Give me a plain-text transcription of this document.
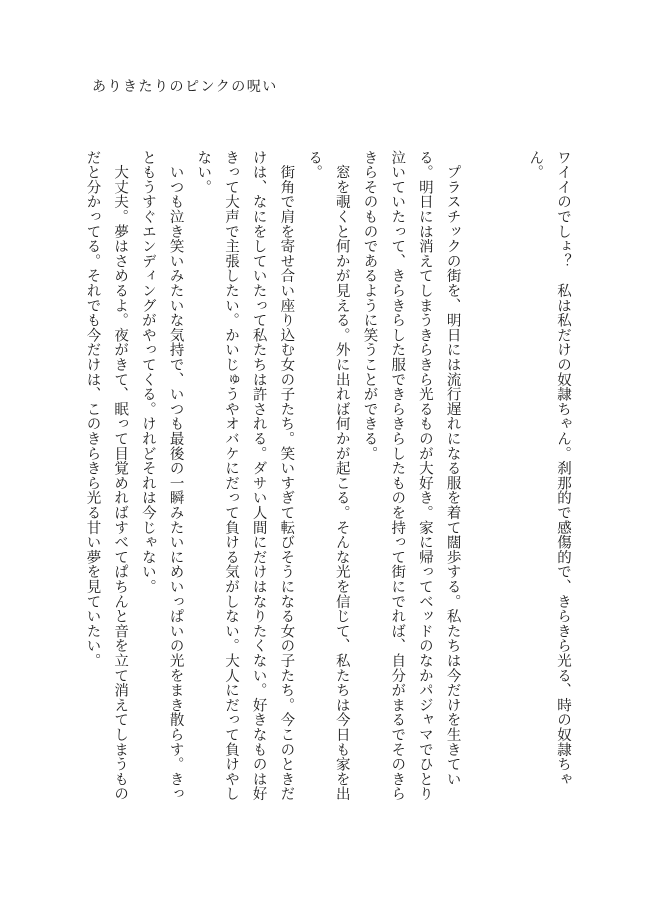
ありきたりのピンクの呪い

ワイイのでしょ？　私は私だけの奴隷ちゃん。刹那的で感傷的で、きらきら光る、時の奴隷ちゃん。

　プラスチックの街を、明日には流行遅れになる服を着て闊歩する。私たちは今だけを生きている。明日には消えてしまうきらきら光るものが大好き。家に帰ってベッドのなかパジャマでひとり泣いていたって、きらきらした服できらきらしたものを持って街にでれば、自分がまるでそのきらきらそのものであるように笑うことができる。

　窓を覗くと何かが見える。外に出れば何かが起こる。そんな光を信じて、私たちは今日も家を出る。

　街角で肩を寄せ合い座り込む女の子たち。笑いすぎて転びそうになる女の子たち。今このときだけは、なにをしていたって私たちは許される。ダサい人間にだけはなりたくない。好きなものは好きって大声で主張したい。かいじゅうやオバケにだって負ける気がしない。大人にだって負けやしない。

　いつも泣き笑いみたいな気持で、いつも最後の一瞬みたいにめいっぱいの光をまき散らす。きっともうすぐエンディングがやってくる。けれどそれは今じゃない。

　大丈夫。夢はさめるよ。夜がきて、眠って目覚めればすべてぱちんと音を立て消えてしまうものだと分かってる。それでも今だけは、このきらきら光る甘い夢を見ていたい。
